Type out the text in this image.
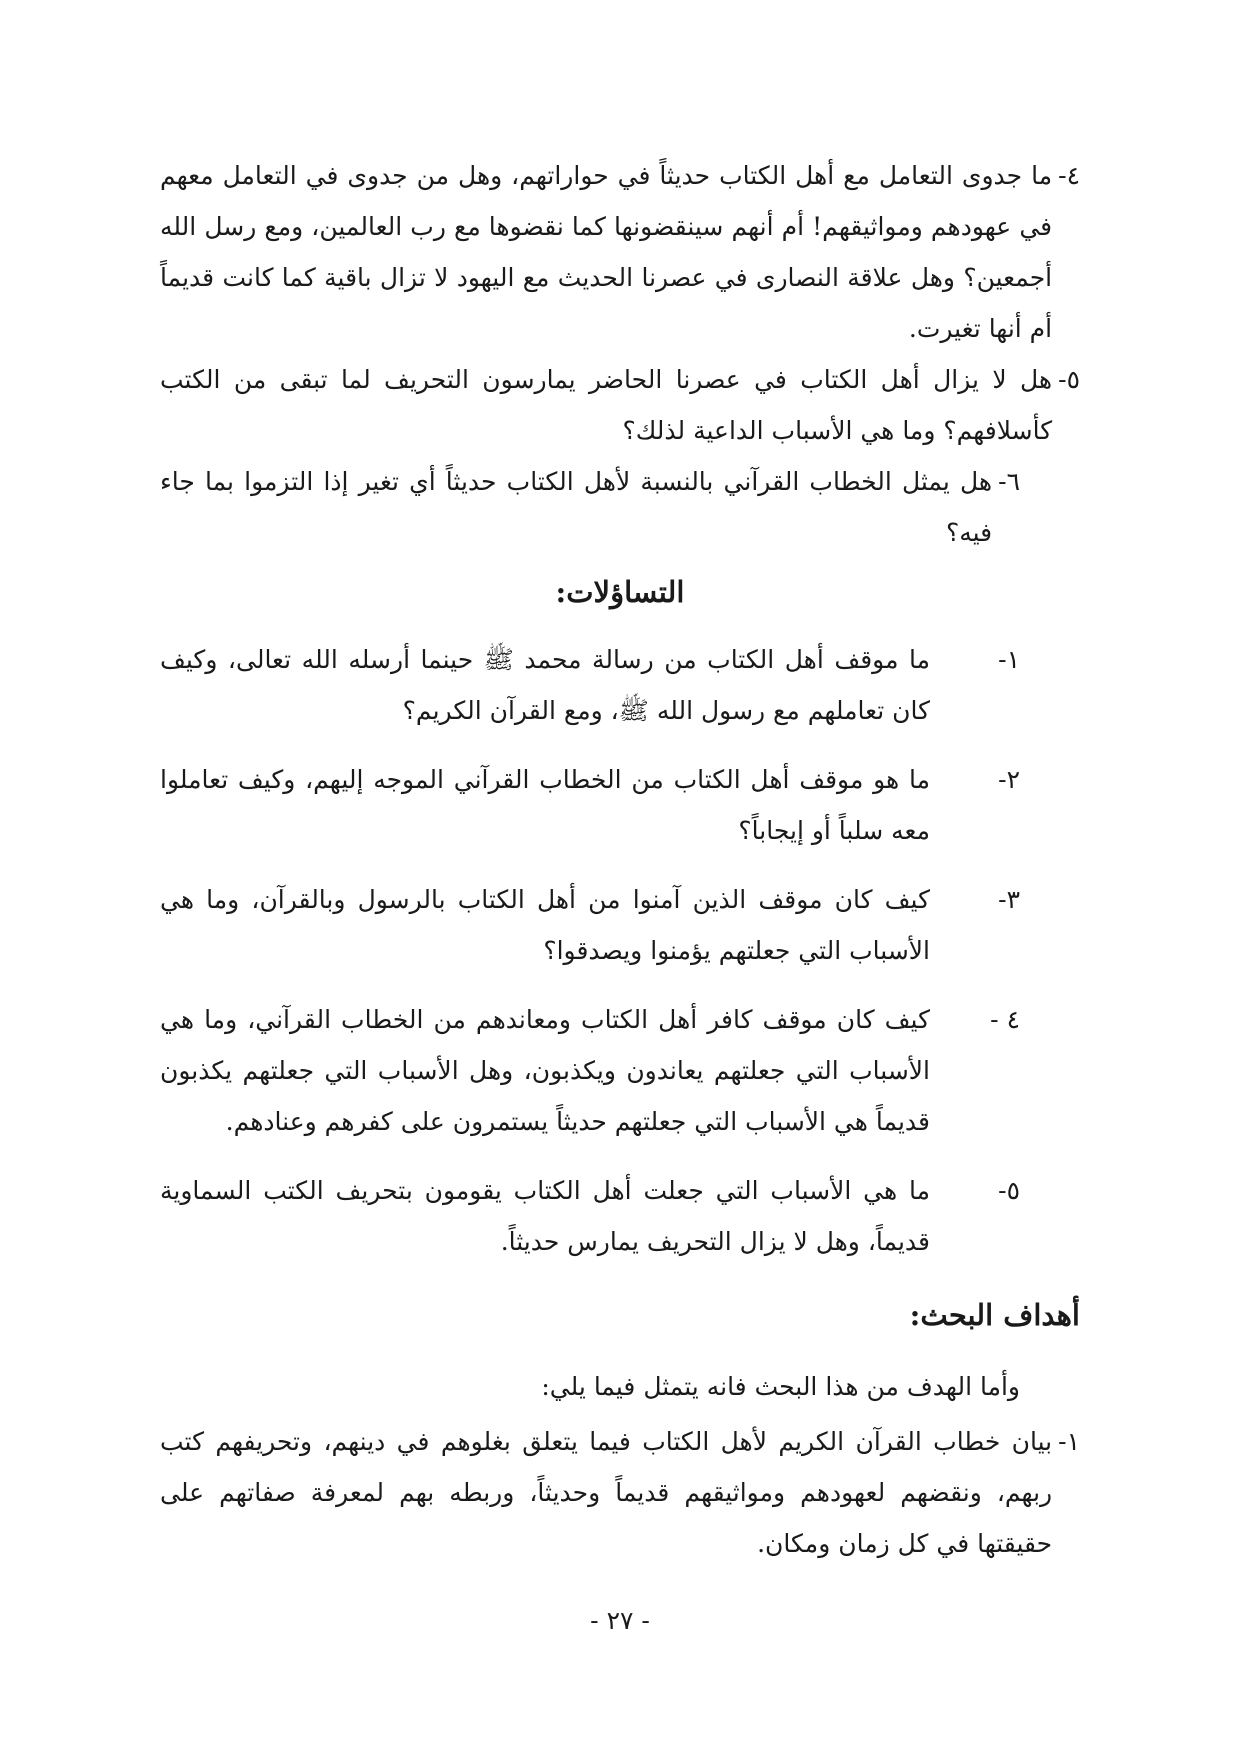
٤-
ما جدوى التعامل مع أهل الكتاب حديثاً في حواراتهم، وهل من جدوى في التعامل معهم في عهودهم ومواثيقهم! أم أنهم سينقضونها كما نقضوها مع رب العالمين، ومع رسل الله أجمعين؟ وهل علاقة النصارى في عصرنا الحديث مع اليهود لا تزال باقية كما كانت قديماً أم أنها تغيرت.
٥-
هل لا يزال أهل الكتاب في عصرنا الحاضر يمارسون التحريف لما تبقى من الكتب كأسلافهم؟ وما هي الأسباب الداعية لذلك؟
٦-
هل يمثل الخطاب القرآني بالنسبة لأهل الكتاب حديثاً أي تغير إذا التزموا بما جاء فيه؟
التساؤلات:
١-
ما موقف أهل الكتاب من رسالة محمد ﷺ حينما أرسله الله تعالى، وكيف كان تعاملهم مع رسول الله ﷺ، ومع القرآن الكريم؟
٢-
ما هو موقف أهل الكتاب من الخطاب القرآني الموجه إليهم، وكيف تعاملوا معه سلباً أو إيجاباً؟
٣-
كيف كان موقف الذين آمنوا من أهل الكتاب بالرسول وبالقرآن، وما هي الأسباب التي جعلتهم يؤمنوا ويصدقوا؟
٤ -
كيف كان موقف كافر أهل الكتاب ومعاندهم من الخطاب القرآني، وما هي الأسباب التي جعلتهم يعاندون ويكذبون، وهل الأسباب التي جعلتهم يكذبون قديماً هي الأسباب التي جعلتهم حديثاً يستمرون على كفرهم وعنادهم.
٥-
ما هي الأسباب التي جعلت أهل الكتاب يقومون بتحريف الكتب السماوية قديماً، وهل لا يزال التحريف يمارس حديثاً.
أهداف البحث:

وأما الهدف من هذا البحث فانه يتمثل فيما يلي:

١-
بيان خطاب القرآن الكريم لأهل الكتاب فيما يتعلق بغلوهم في دينهم، وتحريفهم كتب ربهم، ونقضهم لعهودهم ومواثيقهم قديماً وحديثاً، وربطه بهم لمعرفة صفاتهم على حقيقتها في كل زمان ومكان.
- ٢٧ -
